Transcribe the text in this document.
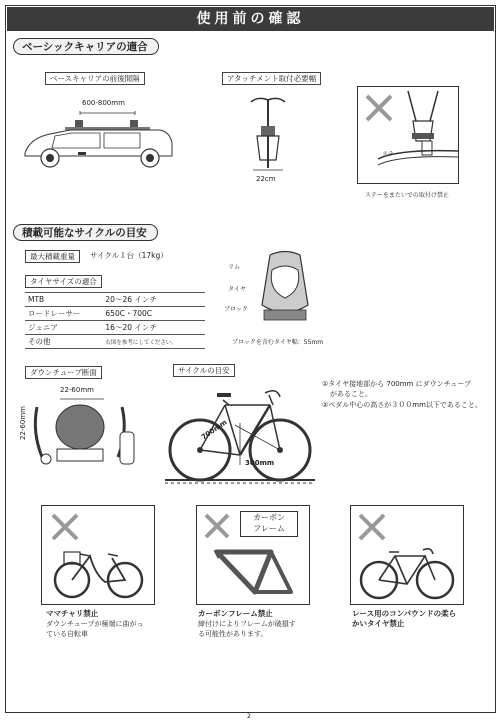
使用前の確認
ベーシックキャリアの適合
ベースキャリアの前後間隔
600-800mm
アタッチメント取付必要幅
22cm
ステー
ステーをまたいでの取付け禁止
積載可能なサイクルの目安
最大積載重量	サイクル１台（17kg）
タイヤサイズの適合
MTB	20～26 インチ
ロードレーサー	650C・700C
ジュニア	16～20 インチ
その他	右図を参考にしてください。
リム
タイヤ
ブロック
ブロックを含むタイヤ幅：55mm
ダウンチューブ断面
22-60mm
22-60mm
サイクルの目安
700mm
300mm
①タイヤ接地部から 700mm にダウンチューブ
があること。
②ペダル中心の高さが３００mm以下であること。
ママチャリ禁止
ダウンチューブが極端に曲がっ
ている自転車
カーボン
フレーム
カーボンフレーム禁止
締付けによりフレームが破損す
る可能性があります。
レース用のコンパウンドの柔ら
かいタイヤ禁止
2
